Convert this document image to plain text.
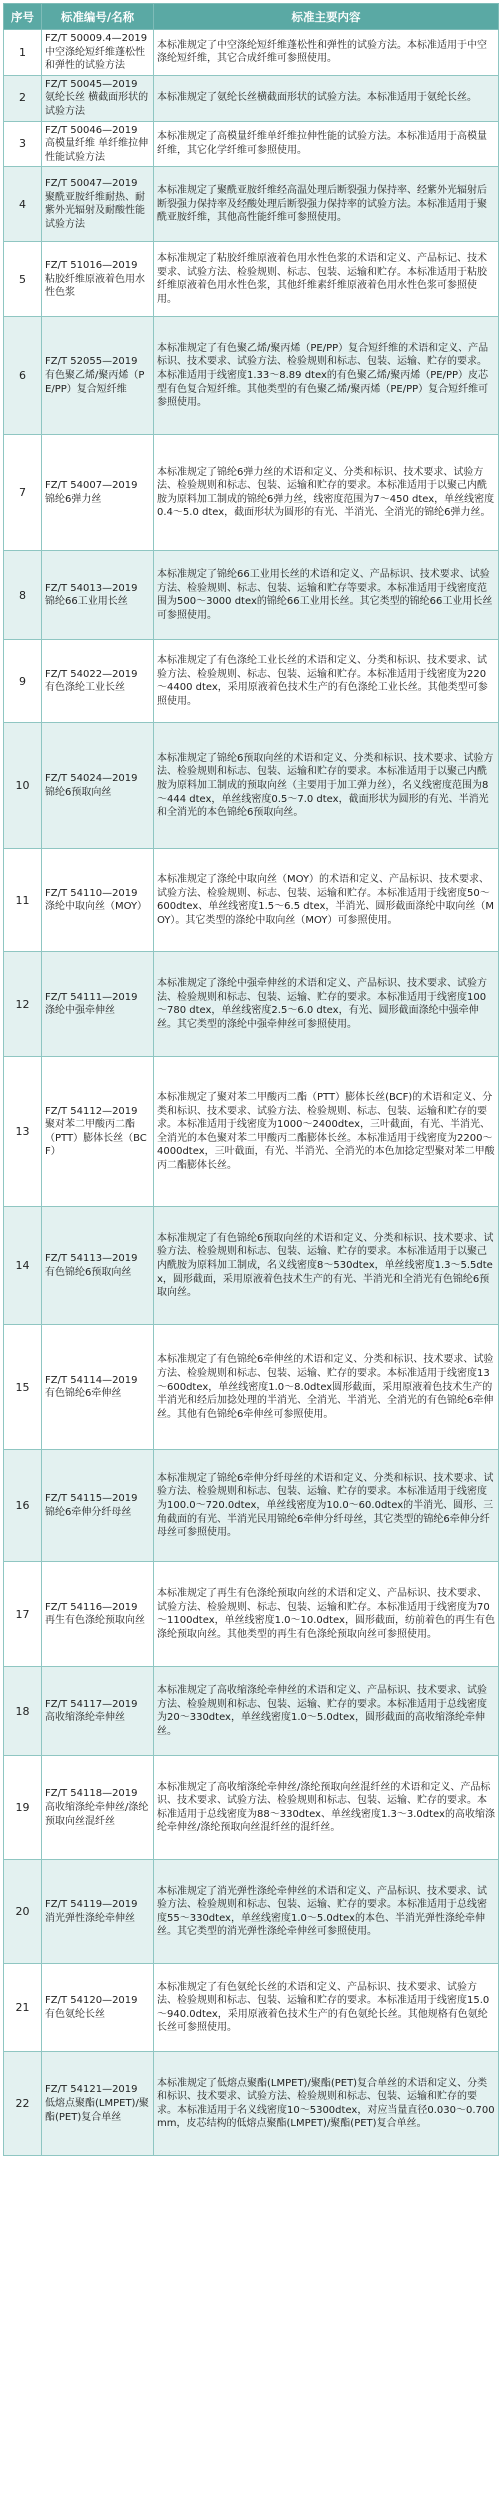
序号	标准编号/名称	标准主要内容
1	FZ/T 50009.4—2019 中空涤纶短纤维蓬松性和弹性的试验方法	本标准规定了中空涤纶短纤维蓬松性和弹性的试验方法。本标准适用于中空涤纶短纤维，其它合成纤维可参照使用。
2	FZ/T 50045—2019 氨纶长丝 横截面形状的试验方法	本标准规定了氨纶长丝横截面形状的试验方法。本标准适用于氨纶长丝。
3	FZ/T 50046—2019 高模量纤维 单纤维拉伸性能试验方法	本标准规定了高模量纤维单纤维拉伸性能的试验方法。本标准适用于高模量纤维，其它化学纤维可参照使用。
4	FZ/T 50047—2019 聚酰亚胺纤维耐热、耐紫外光辐射及耐酸性能试验方法	本标准规定了聚酰亚胺纤维经高温处理后断裂强力保持率、经紫外光辐射后断裂强力保持率及经酸处理后断裂强力保持率的试验方法。本标准适用于聚酰亚胺纤维，其他高性能纤维可参照使用。
5	FZ/T 51016—2019 粘胶纤维原液着色用水性色浆	本标准规定了粘胶纤维原液着色用水性色浆的术语和定义、产品标记、技术要求、试验方法、检验规则、标志、包装、运输和贮存。本标准适用于粘胶纤维原液着色用水性色浆，其他纤维素纤维原液着色用水性色浆可参照使用。
6	FZ/T 52055—2019 有色聚乙烯/聚丙烯（PE/PP）复合短纤维	本标准规定了有色聚乙烯/聚丙烯（PE/PP）复合短纤维的术语和定义、产品标识、技术要求、试验方法、检验规则和标志、包装、运输、贮存的要求。本标准适用于线密度1.33～8.89 dtex的有色聚乙烯/聚丙烯（PE/PP）皮芯型有色复合短纤维。其他类型的有色聚乙烯/聚丙烯（PE/PP）复合短纤维可参照使用。
7	FZ/T 54007—2019 锦纶6弹力丝	本标准规定了锦纶6弹力丝的术语和定义、分类和标识、技术要求、试验方法、检验规则和标志、包装、运输和贮存的要求。本标准适用于以聚己内酰胺为原料加工制成的锦纶6弹力丝，线密度范围为7～450 dtex，单丝线密度0.4～5.0 dtex，截面形状为圆形的有光、半消光、全消光的锦纶6弹力丝。
8	FZ/T 54013—2019 锦纶66工业用长丝	本标准规定了锦纶66工业用长丝的术语和定义、产品标识、技术要求、试验方法、检验规则、标志、包装、运输和贮存等要求。本标准适用于线密度范围为500～3000 dtex的锦纶66工业用长丝。其它类型的锦纶66工业用长丝可参照使用。
9	FZ/T 54022—2019 有色涤纶工业长丝	本标准规定了有色涤纶工业长丝的术语和定义、分类和标识、技术要求、试验方法、检验规则、标志、包装、运输和贮存。本标准适用于线密度为220～4400 dtex，采用原液着色技术生产的有色涤纶工业长丝。其他类型可参照使用。
10	FZ/T 54024—2019 锦纶6预取向丝	本标准规定了锦纶6预取向丝的术语和定义、分类和标识、技术要求、试验方法、检验规则和标志、包装、运输和贮存的要求。本标准适用于以聚己内酰胺为原料加工制成的预取向丝（主要用于加工弹力丝），名义线密度范围为8～444 dtex，单丝线密度0.5～7.0 dtex，截面形状为圆形的有光、半消光和全消光的本色锦纶6预取向丝。
11	FZ/T 54110—2019 涤纶中取向丝（MOY）	本标准规定了涤纶中取向丝（MOY）的术语和定义、产品标识、技术要求、试验方法、检验规则、标志、包装、运输和贮存。本标准适用于线密度50～600dtex、单丝线密度1.5～6.5 dtex，半消光、圆形截面涤纶中取向丝（MOY）。其它类型的涤纶中取向丝（MOY）可参照使用。
12	FZ/T 54111—2019 涤纶中强牵伸丝	本标准规定了涤纶中强牵伸丝的术语和定义、产品标识、技术要求、试验方法、检验规则和标志、包装、运输、贮存的要求。本标准适用于线密度100～780 dtex，单丝线密度2.5～6.0 dtex，有光、圆形截面涤纶中强牵伸丝。其它类型的涤纶中强牵伸丝可参照使用。
13	FZ/T 54112—2019 聚对苯二甲酸丙二酯（PTT）膨体长丝（BCF）	本标准规定了聚对苯二甲酸丙二酯（PTT）膨体长丝(BCF)的术语和定义、分类和标识、技术要求、试验方法、检验规则、标志、包装、运输和贮存的要求。本标准适用于线密度为1000～2400dtex，三叶截面，有光、半消光、全消光的本色聚对苯二甲酸丙二酯膨体长丝。本标准适用于线密度为2200～4000dtex，三叶截面，有光、半消光、全消光的本色加捻定型聚对苯二甲酸丙二酯膨体长丝。
14	FZ/T 54113—2019 有色锦纶6预取向丝	本标准规定了有色锦纶6预取向丝的术语和定义、分类和标识、技术要求、试验方法、检验规则和标志、包装、运输、贮存的要求。本标准适用于以聚己内酰胺为原料加工制成，名义线密度8～530dtex，单丝线密度1.3～5.5dtex，圆形截面，采用原液着色技术生产的有光、半消光和全消光有色锦纶6预取向丝。
15	FZ/T 54114—2019 有色锦纶6牵伸丝	本标准规定了有色锦纶6牵伸丝的术语和定义、分类和标识、技术要求、试验方法、检验规则和标志、包装、运输、贮存的要求。本标准适用于线密度13～600dtex，单丝线密度1.0～8.0dtex圆形截面，采用原液着色技术生产的半消光和经后加捻处理的半消光、全消光、半消光、全消光的有色锦纶6牵伸丝。其他有色锦纶6牵伸丝可参照使用。
16	FZ/T 54115—2019 锦纶6牵伸分纤母丝	本标准规定了锦纶6牵伸分纤母丝的术语和定义、分类和标识、技术要求、试验方法、检验规则和标志、包装、运输、贮存的要求。本标准适用于线密度为100.0～720.0dtex，单丝线密度为10.0～60.0dtex的半消光、圆形、三角截面的有光、半消光民用锦纶6牵伸分纤母丝，其它类型的锦纶6牵伸分纤母丝可参照使用。
17	FZ/T 54116—2019 再生有色涤纶预取向丝	本标准规定了再生有色涤纶预取向丝的术语和定义、产品标识、技术要求、试验方法、检验规则、标志、包装、运输和贮存。本标准适用于线密度为70～1100dtex，单丝线密度1.0～10.0dtex，圆形截面，纺前着色的再生有色涤纶预取向丝。其他类型的再生有色涤纶预取向丝可参照使用。
18	FZ/T 54117—2019 高收缩涤纶牵伸丝	本标准规定了高收缩涤纶牵伸丝的术语和定义、产品标识、技术要求、试验方法、检验规则和标志、包装、运输、贮存的要求。本标准适用于总线密度为20～330dtex，单丝线密度1.0～5.0dtex，圆形截面的高收缩涤纶牵伸丝。
19	FZ/T 54118—2019 高收缩涤纶牵伸丝/涤纶预取向丝混纤丝	本标准规定了高收缩涤纶牵伸丝/涤纶预取向丝混纤丝的术语和定义、产品标识、技术要求、试验方法、检验规则和标志、包装、运输、贮存的要求。本标准适用于总线密度为88～330dtex、单丝线密度1.3～3.0dtex的高收缩涤纶牵伸丝/涤纶预取向丝混纤丝的混纤丝。
20	FZ/T 54119—2019 消光弹性涤纶牵伸丝	本标准规定了消光弹性涤纶牵伸丝的术语和定义、产品标识、技术要求、试验方法、检验规则和标志、包装、运输、贮存的要求。本标准适用于总线密度55～330dtex，单丝线密度1.0～5.0dtex的本色、半消光弹性涤纶牵伸丝。其它类型的消光弹性涤纶牵伸丝可参照使用。
21	FZ/T 54120—2019 有色氨纶长丝	本标准规定了有色氨纶长丝的术语和定义、产品标识、技术要求、试验方法、检验规则和标志、包装、运输和贮存的要求。本标准适用于线密度15.0～940.0dtex，采用原液着色技术生产的有色氨纶长丝。其他规格有色氨纶长丝可参照使用。
22	FZ/T 54121—2019 低熔点聚酯(LMPET)/聚酯(PET)复合单丝	本标准规定了低熔点聚酯(LMPET)/聚酯(PET)复合单丝的术语和定义、分类和标识、技术要求、试验方法、检验规则和标志、包装、运输和贮存的要求。本标准适用于名义线密度10～5300dtex，对应当量直径0.030～0.700mm，皮芯结构的低熔点聚酯(LMPET)/聚酯(PET)复合单丝。
